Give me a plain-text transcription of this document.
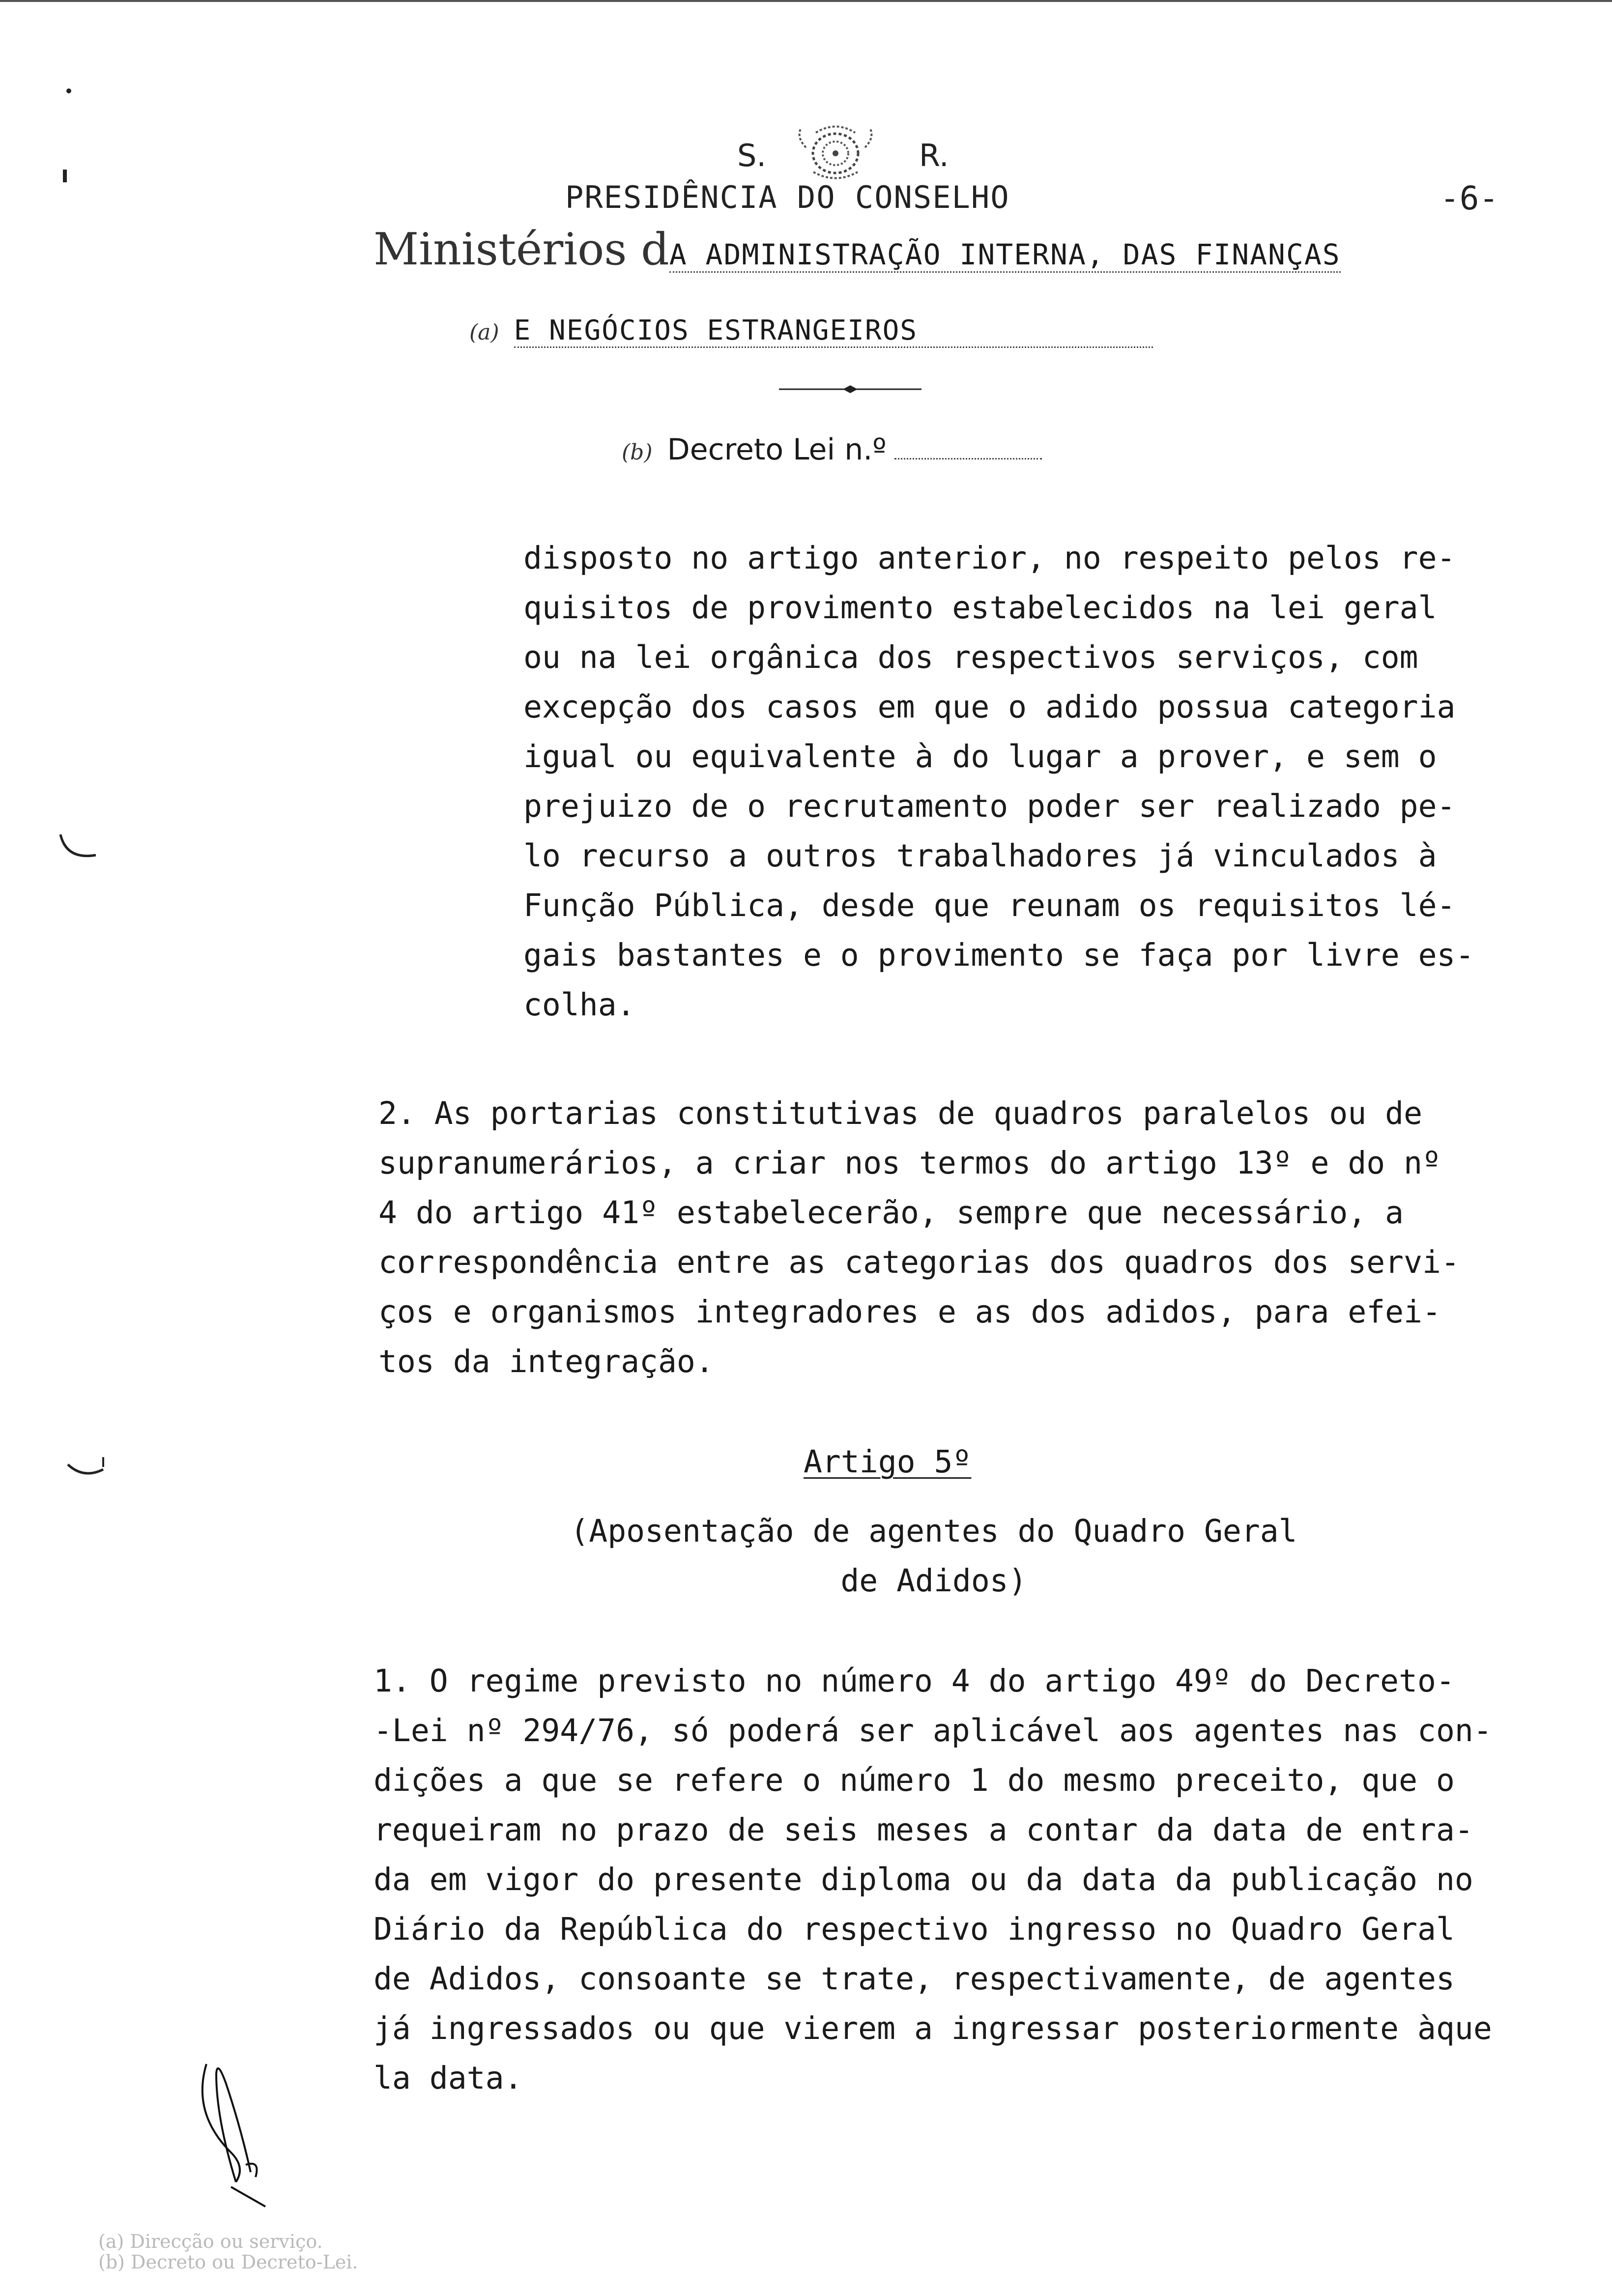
S.	R.
PRESIDÊNCIA DO CONSELHO	-6-
Ministérios dA ADMINISTRAÇÃO INTERNA, DAS FINANÇAS
(a) E NEGÓCIOS ESTRANGEIROS
(b) Decreto Lei n.º
disposto no artigo anterior, no respeito pelos re-
quisitos de provimento estabelecidos na lei geral
ou na lei orgânica dos respectivos serviços, com
excepção dos casos em que o adido possua categoria
igual ou equivalente à do lugar a prover, e sem o
prejuizo de o recrutamento poder ser realizado pe-
lo recurso a outros trabalhadores já vinculados à
Função Pública, desde que reunam os requisitos lé-
gais bastantes e o provimento se faça por livre es-
colha.
2. As portarias constitutivas de quadros paralelos ou de
supranumerários, a criar nos termos do artigo 13º e do nº
4 do artigo 41º estabelecerão, sempre que necessário, a
correspondência entre as categorias dos quadros dos servi-
ços e organismos integradores e as dos adidos, para efei-
tos da integração.
Artigo 5º
(Aposentação de agentes do Quadro Geral
de Adidos)
1. O regime previsto no número 4 do artigo 49º do Decreto-
-Lei nº 294/76, só poderá ser aplicável aos agentes nas con-
dições a que se refere o número 1 do mesmo preceito, que o
requeiram no prazo de seis meses a contar da data de entra-
da em vigor do presente diploma ou da data da publicação no
Diário da República do respectivo ingresso no Quadro Geral
de Adidos, consoante se trate, respectivamente, de agentes
já ingressados ou que vierem a ingressar posteriormente àque
la data.
(a) Direcção ou serviço.
(b) Decreto ou Decreto-Lei.
